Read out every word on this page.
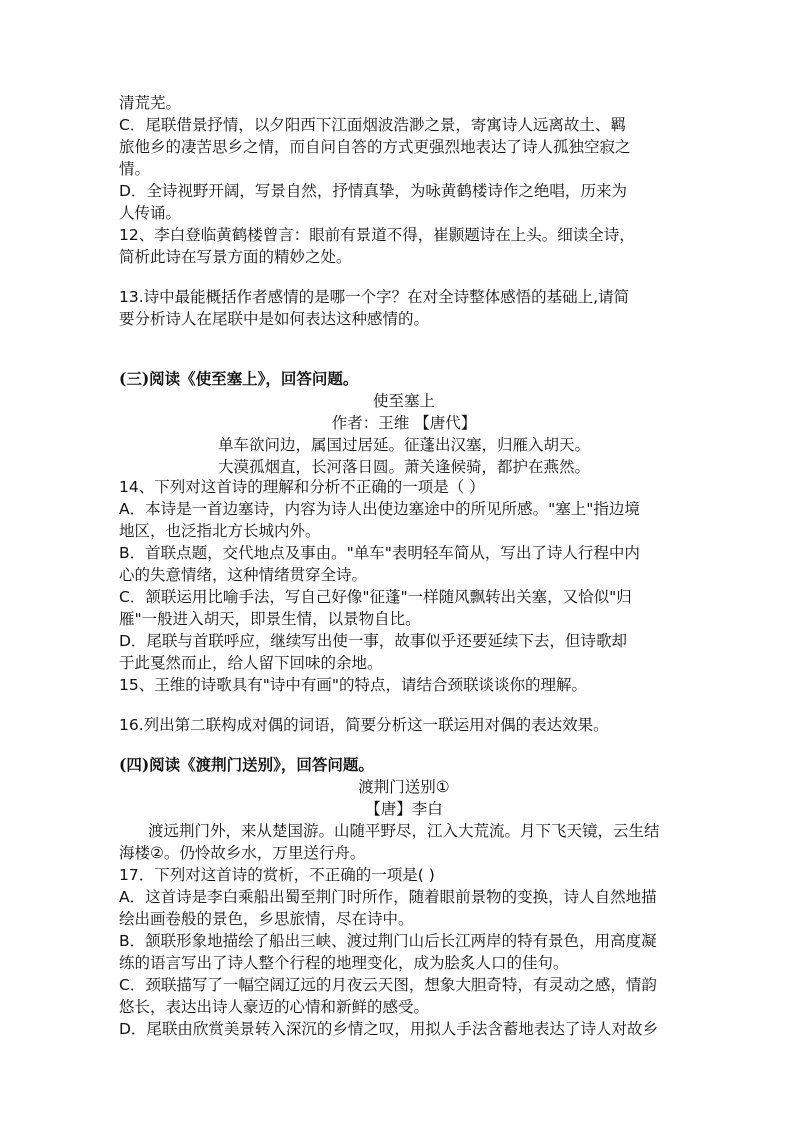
清荒芜。
C．尾联借景抒情，以夕阳西下江面烟波浩渺之景，寄寓诗人远离故土、羁
旅他乡的凄苦思乡之情，而自问自答的方式更强烈地表达了诗人孤独空寂之
情。
D．全诗视野开阔，写景自然，抒情真挚，为咏黄鹤楼诗作之绝唱，历来为
人传诵。
12、李白登临黄鹤楼曾言：眼前有景道不得，崔颢题诗在上头。细读全诗，
简析此诗在写景方面的精妙之处。
13.诗中最能概括作者感情的是哪一个字？在对全诗整体感悟的基础上,请简
要分析诗人在尾联中是如何表达这种感情的。
(三)阅读《使至塞上》，回答问题。
使至塞上
作者：王维 【唐代】
单车欲问边，属国过居延。征蓬出汉塞，归雁入胡天。
大漠孤烟直，长河落日圆。萧关逢候骑，都护在燕然。
14、下列对这首诗的理解和分析不正确的一项是（ ）
A．本诗是一首边塞诗，内容为诗人出使边塞途中的所见所感。"塞上"指边境
地区，也泛指北方长城内外。
B．首联点题，交代地点及事由。"单车"表明轻车简从，写出了诗人行程中内
心的失意情绪，这种情绪贯穿全诗。
C．颔联运用比喻手法，写自己好像"征蓬"一样随风飘转出关塞，又恰似"归
雁"一般进入胡天，即景生情，以景物自比。
D．尾联与首联呼应，继续写出使一事，故事似乎还要延续下去，但诗歌却
于此戛然而止，给人留下回味的余地。
15、王维的诗歌具有"诗中有画"的特点，请结合颈联谈谈你的理解。
16.列出第二联构成对偶的词语，简要分析这一联运用对偶的表达效果。
(四)阅读《渡荆门送别》，回答问题。
渡荆门送别①
【唐】李白
渡远荆门外，来从楚国游。山随平野尽，江入大荒流。月下飞天镜，云生结
海楼②。仍怜故乡水，万里送行舟。
17．下列对这首诗的赏析，不正确的一项是( )
A．这首诗是李白乘船出蜀至荆门时所作，随着眼前景物的变换，诗人自然地描
绘出画卷般的景色，乡思旅情，尽在诗中。
B．颔联形象地描绘了船出三峡、渡过荆门山后长江两岸的特有景色，用高度凝
练的语言写出了诗人整个行程的地理变化，成为脍炙人口的佳句。
C．颈联描写了一幅空阔辽远的月夜云天图，想象大胆奇特，有灵动之感，情韵
悠长，表达出诗人豪迈的心情和新鲜的感受。
D．尾联由欣赏美景转入深沉的乡情之叹，用拟人手法含蓄地表达了诗人对故乡
